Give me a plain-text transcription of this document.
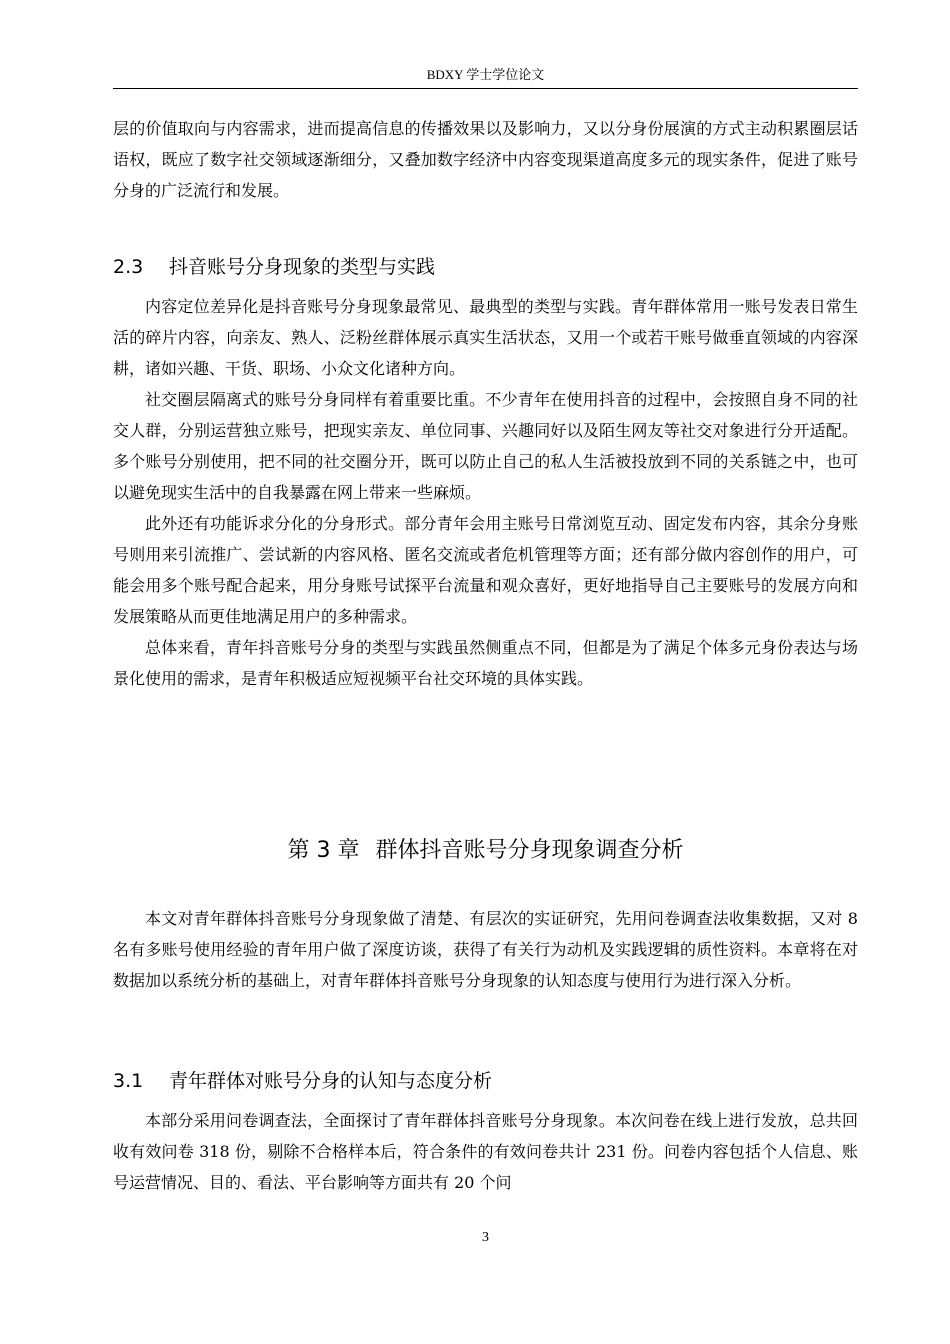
BDXY 学士学位论文

层的价值取向与内容需求，进而提高信息的传播效果以及影响力，又以分身份展演的方式主动积累圈层话语权，既应了数字社交领域逐渐细分，又叠加数字经济中内容变现渠道高度多元的现实条件，促进了账号分身的广泛流行和发展。

2.3 抖音账号分身现象的类型与实践

内容定位差异化是抖音账号分身现象最常见、最典型的类型与实践。青年群体常用一账号发表日常生活的碎片内容，向亲友、熟人、泛粉丝群体展示真实生活状态，又用一个或若干账号做垂直领域的内容深耕，诸如兴趣、干货、职场、小众文化诸种方向。

社交圈层隔离式的账号分身同样有着重要比重。不少青年在使用抖音的过程中，会按照自身不同的社交人群，分别运营独立账号，把现实亲友、单位同事、兴趣同好以及陌生网友等社交对象进行分开适配。多个账号分别使用，把不同的社交圈分开，既可以防止自己的私人生活被投放到不同的关系链之中，也可以避免现实生活中的自我暴露在网上带来一些麻烦。

此外还有功能诉求分化的分身形式。部分青年会用主账号日常浏览互动、固定发布内容，其余分身账号则用来引流推广、尝试新的内容风格、匿名交流或者危机管理等方面；还有部分做内容创作的用户，可能会用多个账号配合起来，用分身账号试探平台流量和观众喜好，更好地指导自己主要账号的发展方向和发展策略从而更佳地满足用户的多种需求。

总体来看，青年抖音账号分身的类型与实践虽然侧重点不同，但都是为了满足个体多元身份表达与场景化使用的需求，是青年积极适应短视频平台社交环境的具体实践。

第 3 章 群体抖音账号分身现象调查分析

本文对青年群体抖音账号分身现象做了清楚、有层次的实证研究，先用问卷调查法收集数据，又对 8 名有多账号使用经验的青年用户做了深度访谈，获得了有关行为动机及实践逻辑的质性资料。本章将在对数据加以系统分析的基础上，对青年群体抖音账号分身现象的认知态度与使用行为进行深入分析。

3.1 青年群体对账号分身的认知与态度分析

本部分采用问卷调查法，全面探讨了青年群体抖音账号分身现象。本次问卷在线上进行发放，总共回收有效问卷 318 份，剔除不合格样本后，符合条件的有效问卷共计 231 份。问卷内容包括个人信息、账号运营情况、目的、看法、平台影响等方面共有 20 个问

3
